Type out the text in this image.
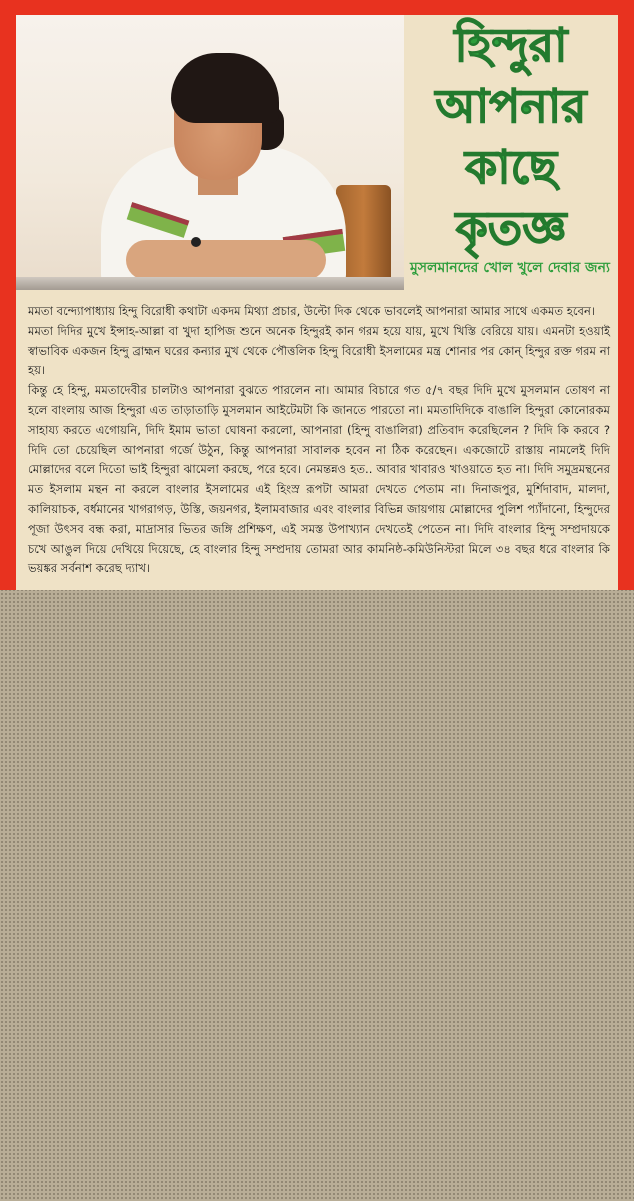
হিন্দুরা
আপনার
কাছে
কৃতজ্ঞ
মুসলমানদের খোল খুলে দেবার জন্য

মমতা বন্দ্যোপাধ্যায় হিন্দু বিরোধী কথাটা একদম মিথ্যা প্রচার, উল্টো দিক থেকে ভাবলেই আপনারা আমার সাথে একমত হবেন।

মমতা দিদির মুখে ইন্সাহ-আল্লা বা খুদা হাপিজ শুনে অনেক হিন্দুরই কান গরম হয়ে যায়, মুখে খিস্তি বেরিয়ে যায়। এমনটা হওয়াই স্বাভাবিক একজন হিন্দু ব্রাহ্মন ঘরের কন্যার মুখ থেকে পৌত্তলিক হিন্দু বিরোধী ইসলামের মন্ত্র শোনার পর কোন্ হিন্দুর রক্ত গরম না হয়।

কিন্তু হে হিন্দু, মমতাদেবীর চালটাও আপনারা বুঝতে পারলেন না। আমার বিচারে গত ৫/৭ বছর দিদি মুখে মুসলমান তোষণ না হলে বাংলায় আজ হিন্দুরা এত তাড়াতাড়ি মুসলমান আইটেমটা কি জানতে পারতো না। মমতাদিদিকে বাঙালি হিন্দুরা কোনোরকম সাহায্য করতে এগোয়নি, দিদি ইমাম ভাতা ঘোষনা করলো, আপনারা (হিন্দু বাঙালিরা) প্রতিবাদ করেছিলেন ? দিদি কি করবে ? দিদি তো চেয়েছিল আপনারা গর্জে উঠুন, কিন্তু আপনারা সাবালক হবেন না ঠিক করেছেন। একজোটে রাস্তায় নামলেই দিদি মোল্লাদের বলে দিতো ভাই হিন্দুরা ঝামেলা করছে, পরে হবে। নেমন্তন্নও হত.. আবার খাবারও খাওয়াতে হত না। দিদি সমুদ্রমন্থনের মত ইসলাম মন্থন না করলে বাংলার ইসলামের এই হিংস্র রূপটা আমরা দেখতে পেতাম না। দিনাজপুর, মুর্শিদাবাদ, মালদা, কালিয়াচক, বর্ধমানের খাগরাগড়, উস্তি, জয়নগর, ইলামবাজার এবং বাংলার বিভিন্ন জায়গায় মোল্লাদের পুলিশ প্যাঁদানো, হিন্দুদের পূজা উৎসব বন্ধ করা, মাদ্রাসার ভিতর জঙ্গি প্রশিক্ষণ, এই সমস্ত উপাখ্যান দেখতেই পেতেন না। দিদি বাংলার হিন্দু সম্প্রদায়কে চখে আঙুল দিয়ে দেখিয়ে দিয়েছে, হে বাংলার হিন্দু সম্প্রদায় তোমরা আর কামনিষ্ঠ-কমিউনিস্টরা মিলে ৩৪ বছর ধরে বাংলার কি ভয়ঙ্কর সর্বনাশ করেছ দ্যাখ।
